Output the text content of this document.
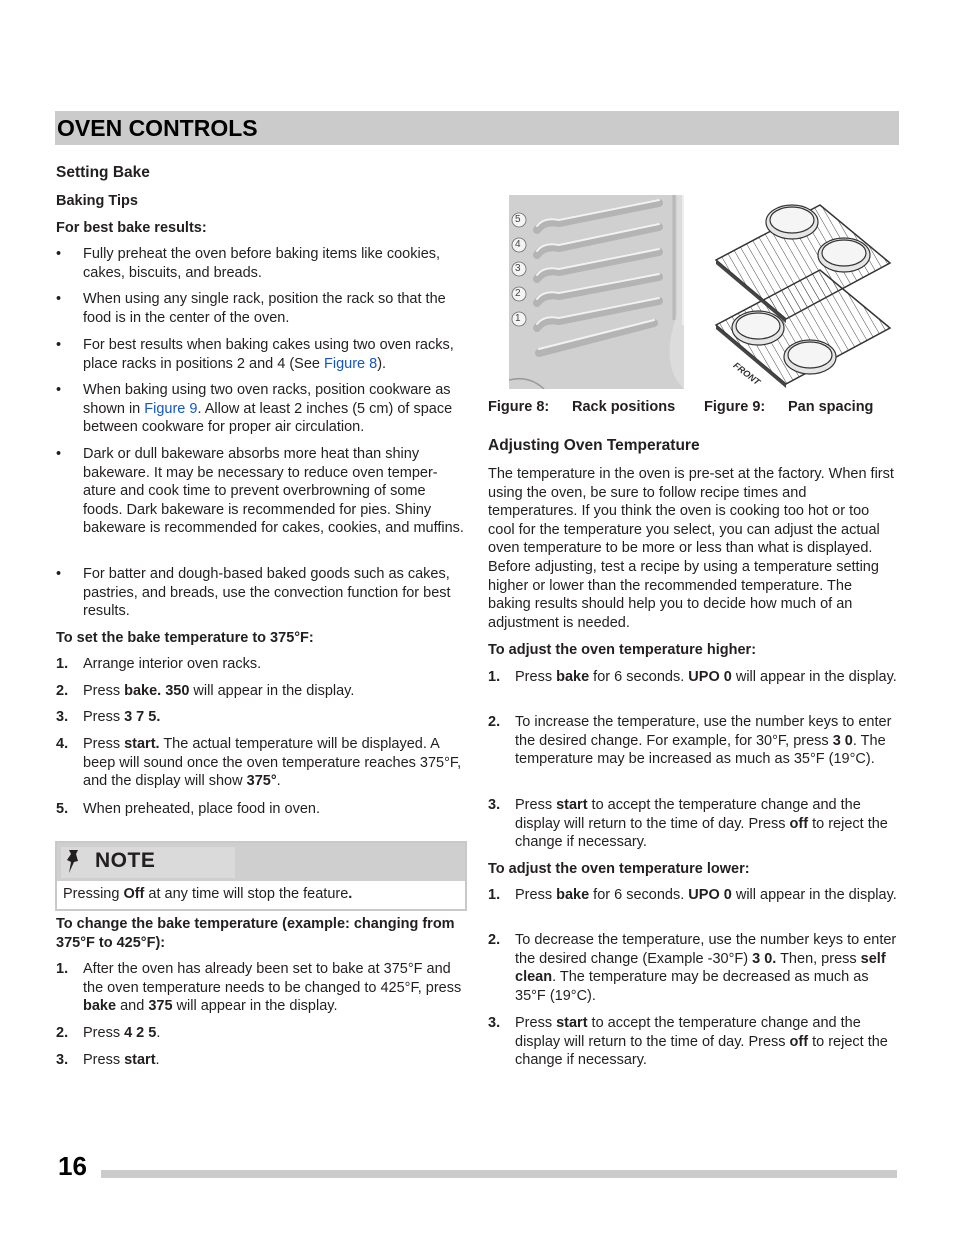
OVEN CONTROLS
Setting Bake
Baking Tips
For best bake results:
• Fully preheat the oven before baking items like cookies, cakes, biscuits, and breads.
• When using any single rack, position the rack so that the food is in the center of the oven.
• For best results when baking cakes using two oven racks, place racks in positions 2 and 4 (See Figure 8).
• When baking using two oven racks, position cookware as shown in Figure 9. Allow at least 2 inches (5 cm) of space between cookware for proper air circulation.
• Dark or dull bakeware absorbs more heat than shiny bakeware. It may be necessary to reduce oven temper-ature and cook time to prevent overbrowning of some foods. Dark bakeware is recommended for pies. Shiny bakeware is recommended for cakes, cookies, and muffins.
• For batter and dough-based baked goods such as cakes, pastries, and breads, use the convection function for best results.
To set the bake temperature to 375°F:
1. Arrange interior oven racks.
2. Press bake. 350 will appear in the display.
3. Press 3 7 5.
4. Press start. The actual temperature will be displayed. A beep will sound once the oven temperature reaches 375°F, and the display will show 375°.
5. When preheated, place food in oven.
NOTE
Pressing Off at any time will stop the feature.
To change the bake temperature (example: changing from 375°F to 425°F):
1. After the oven has already been set to bake at 375°F and the oven temperature needs to be changed to 425°F, press bake and 375 will appear in the display.
2. Press 4 2 5.
3. Press start.
5
4
3
2
1
FRONT
Figure 8: Rack positions Figure 9: Pan spacing
Adjusting Oven Temperature
The temperature in the oven is pre-set at the factory. When first using the oven, be sure to follow recipe times and temperatures. If you think the oven is cooking too hot or too cool for the temperature you select, you can adjust the actual oven temperature to be more or less than what is displayed. Before adjusting, test a recipe by using a temperature setting higher or lower than the recommended temperature. The baking results should help you to decide how much of an adjustment is needed.
To adjust the oven temperature higher:
1. Press bake for 6 seconds. UPO 0 will appear in the display.
2. To increase the temperature, use the number keys to enter the desired change. For example, for 30°F, press 3 0. The temperature may be increased as much as 35°F (19°C).
3. Press start to accept the temperature change and the display will return to the time of day. Press off to reject the change if necessary.
To adjust the oven temperature lower:
1. Press bake for 6 seconds. UPO 0 will appear in the display.
2. To decrease the temperature, use the number keys to enter the desired change (Example -30°F) 3 0. Then, press self clean. The temperature may be decreased as much as 35°F (19°C).
3. Press start to accept the temperature change and the display will return to the time of day. Press off to reject the change if necessary.
16
